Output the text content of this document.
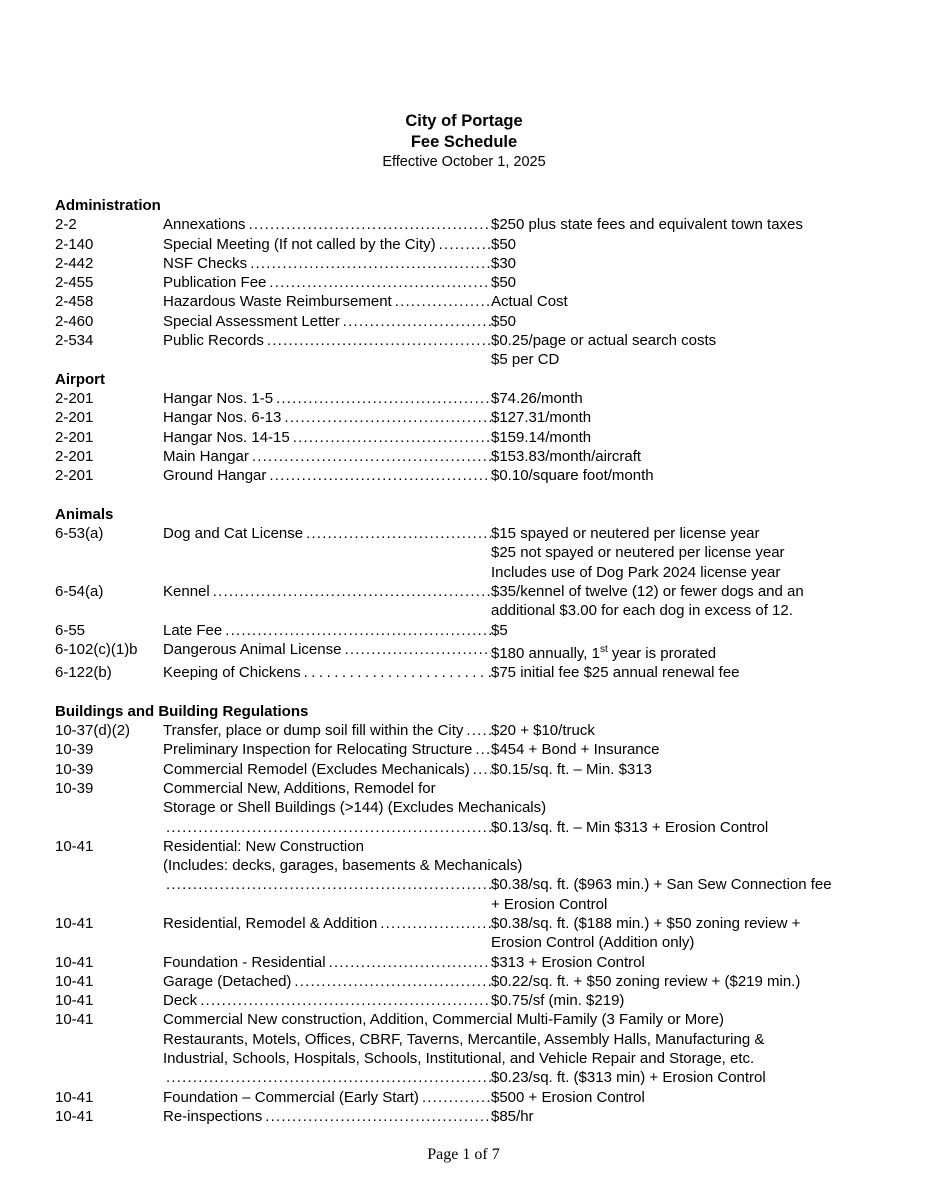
City of Portage
Fee Schedule
Effective October 1, 2025
Administration
2-2	Annexations .....	$250 plus state fees and equivalent town taxes
2-140	Special Meeting (If not called by the City) .....	$50
2-442	NSF Checks .....	$30
2-455	Publication Fee .....	$50
2-458	Hazardous Waste Reimbursement .....	Actual Cost
2-460	Special Assessment Letter .....	$50
2-534	Public Records .....	$0.25/page or actual search costs
$5 per CD
Airport
2-201	Hangar Nos. 1-5 .....	$74.26/month
2-201	Hangar Nos. 6-13 .....	$127.31/month
2-201	Hangar Nos. 14-15 .....	$159.14/month
2-201	Main Hangar .....	$153.83/month/aircraft
2-201	Ground Hangar .....	$0.10/square foot/month
Animals
6-53(a)	Dog and Cat License .....	$15 spayed or neutered per license year
$25 not spayed or neutered per license year
Includes use of Dog Park 2024 license year
6-54(a)	Kennel .....	$35/kennel of twelve (12) or fewer dogs and an
additional $3.00 for each dog in excess of 12.
6-55	Late Fee .....	$5
6-102(c)(1)b	Dangerous Animal License .....	$180 annually, 1st year is prorated
6-122(b)	Keeping of Chickens .....	$75 initial fee $25 annual renewal fee
Buildings and Building Regulations
10-37(d)(2)	Transfer, place or dump soil fill within the City ..... $20 + $10/truck
10-39	Preliminary Inspection for Relocating Structure ..... $454 + Bond + Insurance
10-39	Commercial Remodel (Excludes Mechanicals) ..... $0.15/sq. ft. – Min. $313
10-39	Commercial New, Additions, Remodel for
Storage or Shell Buildings (>144) (Excludes Mechanicals)
.....
$0.13/sq. ft. – Min $313 + Erosion Control
10-41	Residential: New Construction
(Includes: decks, garages, basements & Mechanicals)
.....
$0.38/sq. ft. ($963 min.) + San Sew Connection fee
+ Erosion Control
10-41	Residential, Remodel & Addition .....	$0.38/sq. ft. ($188 min.) + $50 zoning review +
Erosion Control (Addition only)
10-41	Foundation - Residential .....	$313 + Erosion Control
10-41	Garage (Detached) .....	$0.22/sq. ft. + $50 zoning review + ($219 min.)
10-41	Deck .....	$0.75/sf (min. $219)
10-41	Commercial New construction, Addition, Commercial Multi-Family (3 Family or More)
Restaurants, Motels, Offices, CBRF, Taverns, Mercantile, Assembly Halls, Manufacturing &
Industrial, Schools, Hospitals, Schools, Institutional, and Vehicle Repair and Storage, etc.
.....
$0.23/sq. ft. ($313 min) + Erosion Control
10-41	Foundation – Commercial (Early Start) .....	$500 + Erosion Control
10-41	Re-inspections .....	$85/hr
Page 1 of 7
